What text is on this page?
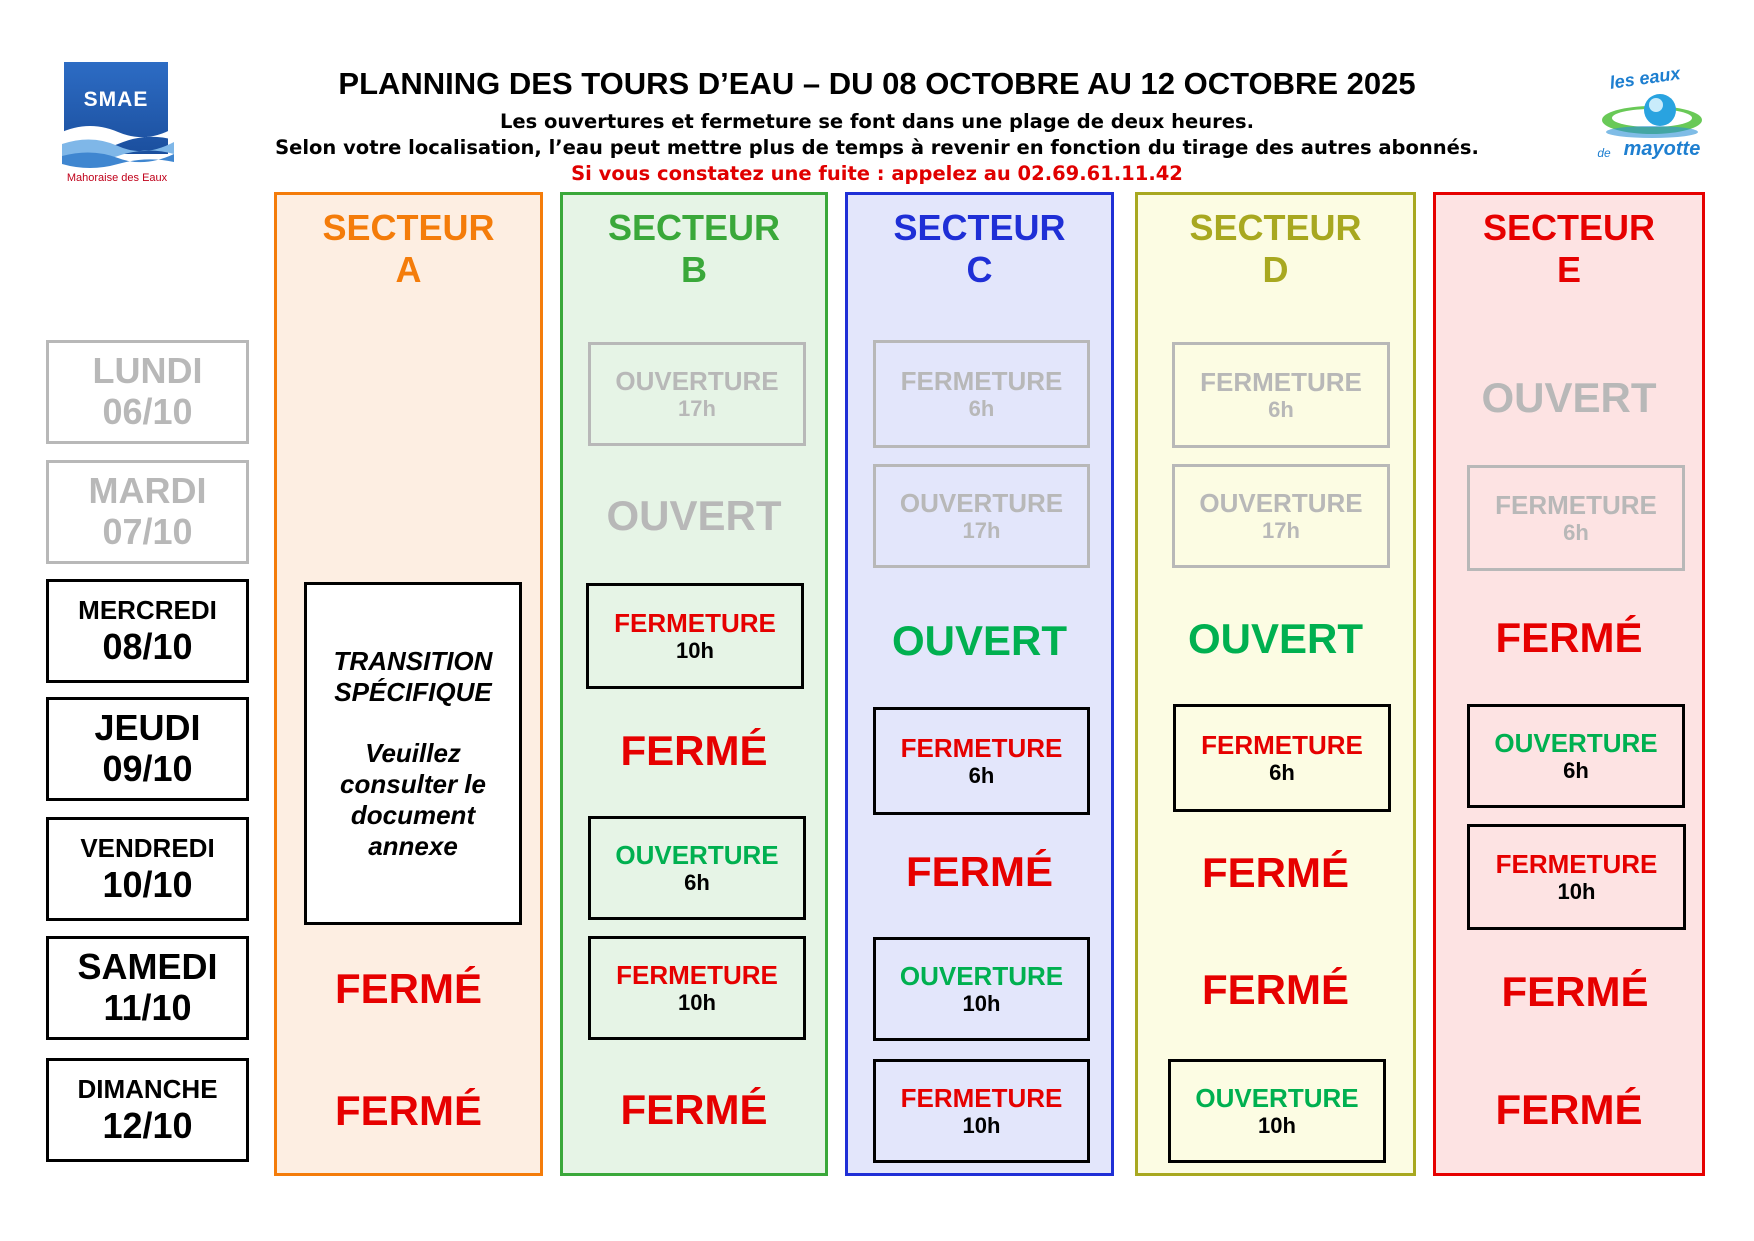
PLANNING DES TOURS D’EAU – DU 08 OCTOBRE AU 12 OCTOBRE 2025
Les ouvertures et fermeture se font dans une plage de deux heures.
Selon votre localisation, l’eau peut mettre plus de temps à revenir en fonction du tirage des autres abonnés.
Si vous constatez une fuite : appelez au 02.69.61.11.42
SMAE
Mahoraise des Eaux
les eaux
de mayotte
SECTEUR
A
SECTEUR
B
SECTEUR
C
SECTEUR
D
SECTEUR
E
LUNDI
06/10
MARDI
07/10
MERCREDI
08/10
JEUDI
09/10
VENDREDI
10/10
SAMEDI
11/10
DIMANCHE
12/10
TRANSITION
SPÉCIFIQUE
Veuillez
consulter le
document
annexe
FERMÉ
FERMÉ
OUVERTURE
17h
OUVERT
FERMETURE
10h
FERMÉ
OUVERTURE
6h
FERMETURE
10h
FERMÉ
FERMETURE
6h
OUVERTURE
17h
OUVERT
FERMETURE
6h
FERMÉ
OUVERTURE
10h
FERMETURE
10h
FERMETURE
6h
OUVERTURE
17h
OUVERT
FERMETURE
6h
FERMÉ
FERMÉ
OUVERTURE
10h
OUVERT
FERMETURE
6h
FERMÉ
OUVERTURE
6h
FERMETURE
10h
FERMÉ
FERMÉ
